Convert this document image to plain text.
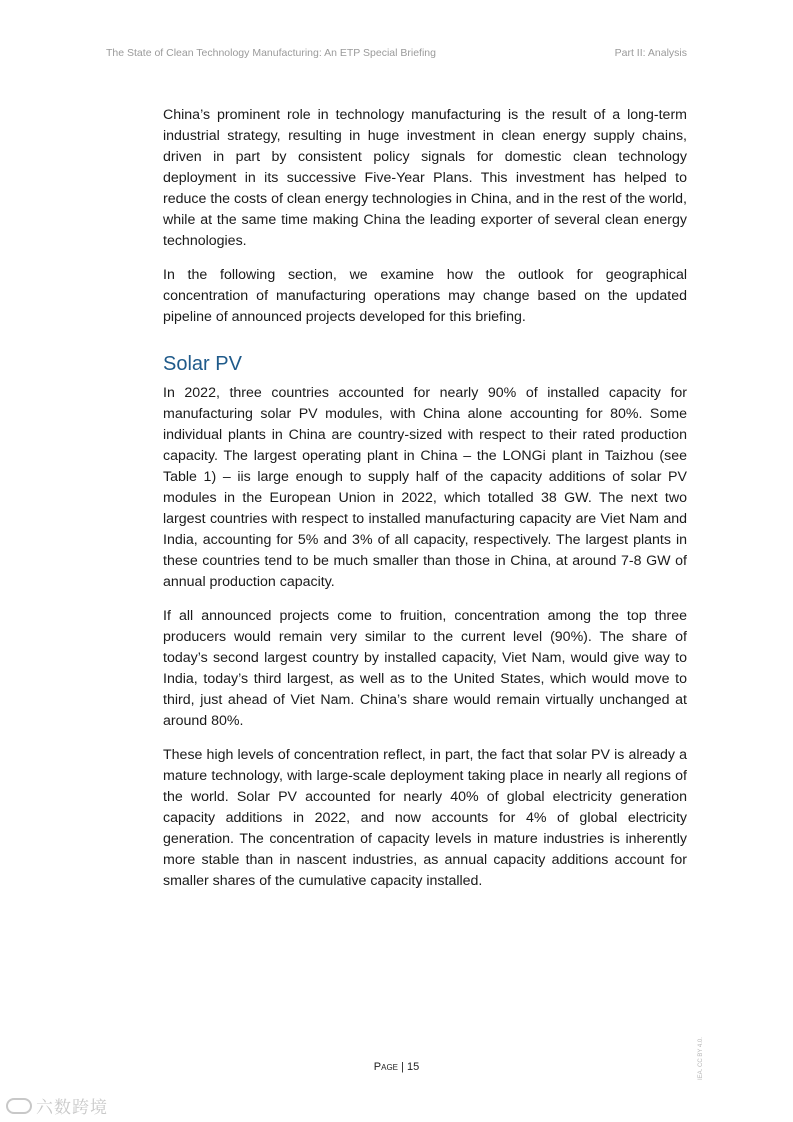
The State of Clean Technology Manufacturing: An ETP Special Briefing	Part II: Analysis

China’s prominent role in technology manufacturing is the result of a long-term industrial strategy, resulting in huge investment in clean energy supply chains, driven in part by consistent policy signals for domestic clean technology deployment in its successive Five-Year Plans. This investment has helped to reduce the costs of clean energy technologies in China, and in the rest of the world, while at the same time making China the leading exporter of several clean energy technologies.

In the following section, we examine how the outlook for geographical concentration of manufacturing operations may change based on the updated pipeline of announced projects developed for this briefing.

Solar PV

In 2022, three countries accounted for nearly 90% of installed capacity for manufacturing solar PV modules, with China alone accounting for 80%. Some individual plants in China are country-sized with respect to their rated production capacity. The largest operating plant in China – the LONGi plant in Taizhou (see Table 1) – iis large enough to supply half of the capacity additions of solar PV modules in the European Union in 2022, which totalled 38 GW. The next two largest countries with respect to installed manufacturing capacity are Viet Nam and India, accounting for 5% and 3% of all capacity, respectively. The largest plants in these countries tend to be much smaller than those in China, at around 7-8 GW of annual production capacity.

If all announced projects come to fruition, concentration among the top three producers would remain very similar to the current level (90%). The share of today’s second largest country by installed capacity, Viet Nam, would give way to India, today’s third largest, as well as to the United States, which would move to third, just ahead of Viet Nam. China’s share would remain virtually unchanged at around 80%.

These high levels of concentration reflect, in part, the fact that solar PV is already a mature technology, with large-scale deployment taking place in nearly all regions of the world. Solar PV accounted for nearly 40% of global electricity generation capacity additions in 2022, and now accounts for 4% of global electricity generation. The concentration of capacity levels in mature industries is inherently more stable than in nascent industries, as annual capacity additions account for smaller shares of the cumulative capacity installed.

Page | 15	IEA. CC BY 4.0.
六数跨境
